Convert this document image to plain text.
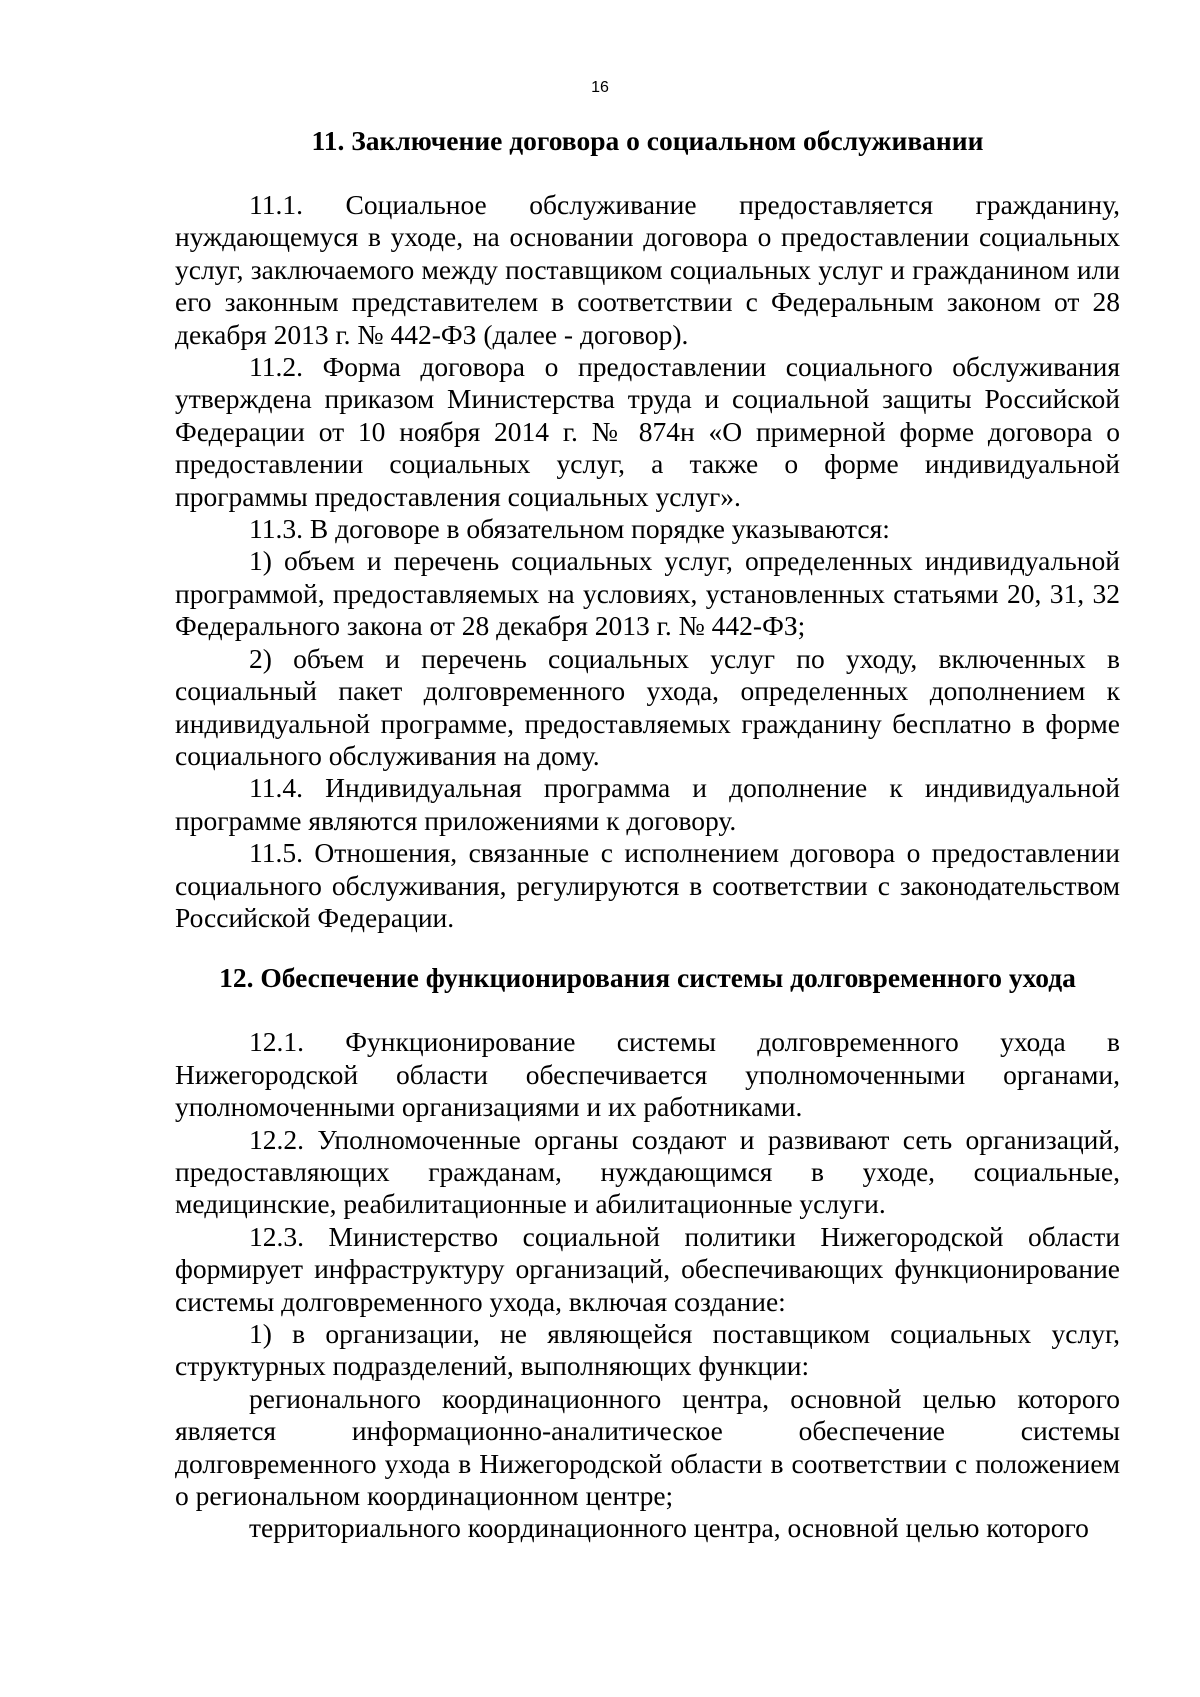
16
11. Заключение договора о социальном обслуживании

11.1. Социальное обслуживание предоставляется гражданину, нуждающемуся в уходе, на основании договора о предоставлении социальных услуг, заключаемого между поставщиком социальных услуг и гражданином или его законным представителем в соответствии с Федеральным законом от 28 декабря 2013 г. № 442-ФЗ (далее - договор).

11.2. Форма договора о предоставлении социального обслуживания утверждена приказом Министерства труда и социальной защиты Российской Федерации от 10 ноября 2014 г. № 874н «О примерной форме договора о предоставлении социальных услуг, а также о форме индивидуальной программы предоставления социальных услуг».

11.3. В договоре в обязательном порядке указываются:

1) объем и перечень социальных услуг, определенных индивидуальной программой, предоставляемых на условиях, установленных статьями 20, 31, 32 Федерального закона от 28 декабря 2013 г. № 442-ФЗ;

2) объем и перечень социальных услуг по уходу, включенных в социальный пакет долговременного ухода, определенных дополнением к индивидуальной программе, предоставляемых гражданину бесплатно в форме социального обслуживания на дому.

11.4. Индивидуальная программа и дополнение к индивидуальной программе являются приложениями к договору.

11.5. Отношения, связанные с исполнением договора о предоставлении социального обслуживания, регулируются в соответствии с законодательством Российской Федерации.

12. Обеспечение функционирования системы долговременного ухода

12.1. Функционирование системы долговременного ухода в Нижегородской области обеспечивается уполномоченными органами, уполномоченными организациями и их работниками.

12.2. Уполномоченные органы создают и развивают сеть организаций, предоставляющих гражданам, нуждающимся в уходе, социальные, медицинские, реабилитационные и абилитационные услуги.

12.3. Министерство социальной политики Нижегородской области формирует инфраструктуру организаций, обеспечивающих функционирование системы долговременного ухода, включая создание:

1) в организации, не являющейся поставщиком социальных услуг, структурных подразделений, выполняющих функции:

регионального координационного центра, основной целью которого является информационно-аналитическое обеспечение системы долговременного ухода в Нижегородской области в соответствии с положением о региональном координационном центре;

территориального координационного центра, основной целью которого
